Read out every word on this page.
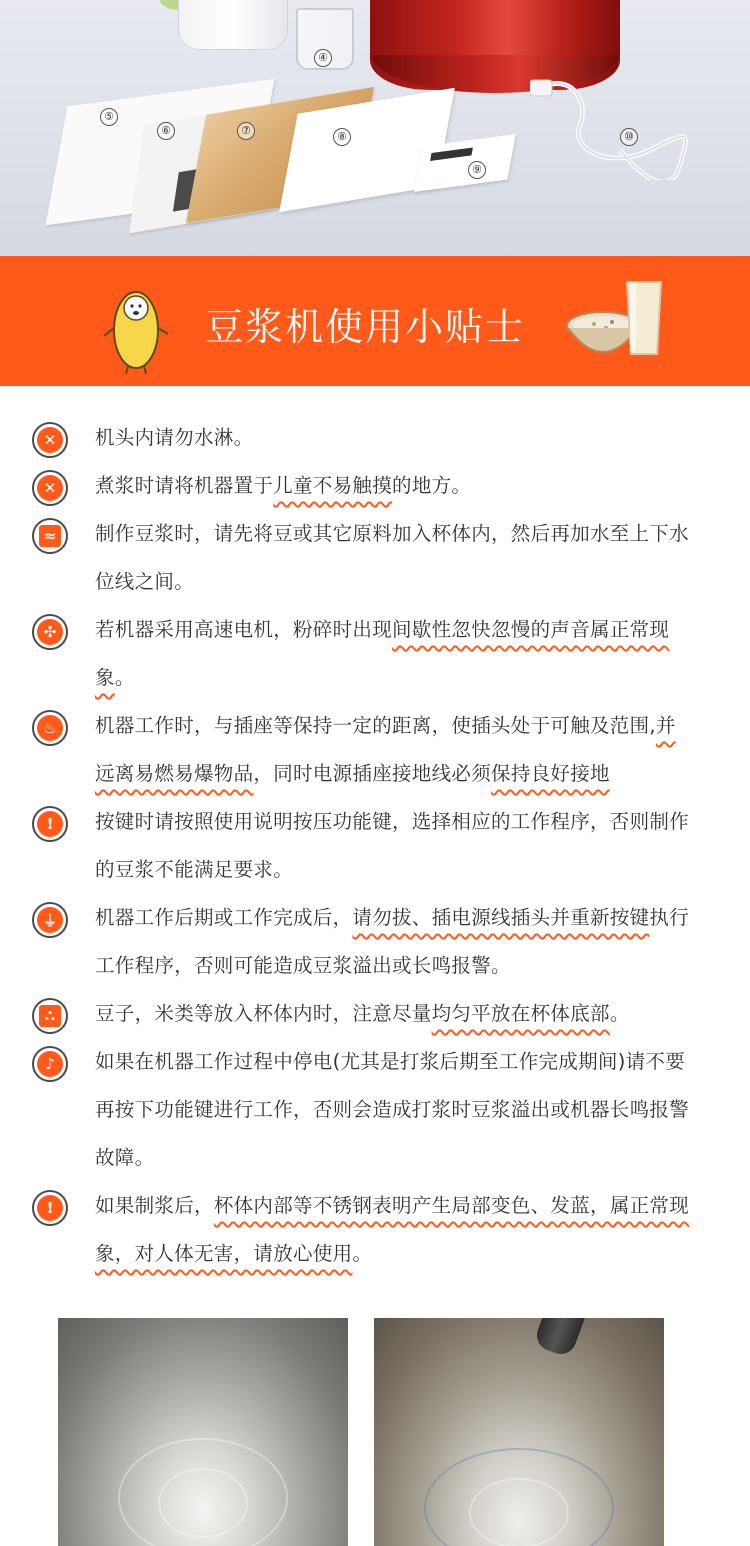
④
⑤
⑥	⑦	⑧
⑨
⑩
豆浆机使用小贴士
✕	机头内请勿水淋。
✕	煮浆时请将机器置于儿童不易触摸的地方。
≈ 制作豆浆时，请先将豆或其它原料加入杯体内，然后再加水至上下水位线之间。
✣	若机器采用高速电机，粉碎时出现间歇性忽快忽慢的声音属正常现象。
♨	机器工作时，与插座等保持一定的距离，使插头处于可触及范围,并远离易燃易爆物品，同时电源插座接地线必须保持良好接地
!	按键时请按照使用说明按压功能键，选择相应的工作程序，否则制作的豆浆不能满足要求。
⏚ 机器工作后期或工作完成后，请勿拔、插电源线插头并重新按键执行工作程序，否则可能造成豆浆溢出或长鸣报警。
∴ 豆子，米类等放入杯体内时，注意尽量均匀平放在杯体底部。
♪	如果在机器工作过程中停电(尤其是打浆后期至工作完成期间)请不要再按下功能键进行工作，否则会造成打浆时豆浆溢出或机器长鸣报警故障。
!	如果制浆后，杯体内部等不锈钢表明产生局部变色、发蓝，属正常现象，对人体无害，请放心使用。
